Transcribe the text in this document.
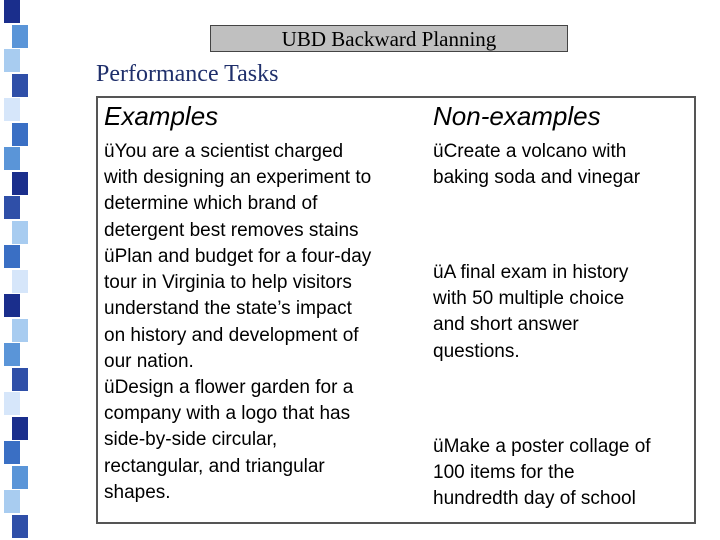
UBD Backward Planning
Performance Tasks
Examples	Non-examples
üYou are a scientist charged
with designing an experiment to
determine which brand of
detergent best removes stains
üPlan and budget for a four-day
tour in Virginia to help visitors
understand the state’s impact
on history and development of
our nation.
üDesign a flower garden for a
company with a logo that has
side-by-side circular,
rectangular, and triangular
shapes.
üCreate a volcano with
baking soda and vinegar
üA final exam in history
with 50 multiple choice
and short answer
questions.
üMake a poster collage of
100 items for the
hundredth day of school
